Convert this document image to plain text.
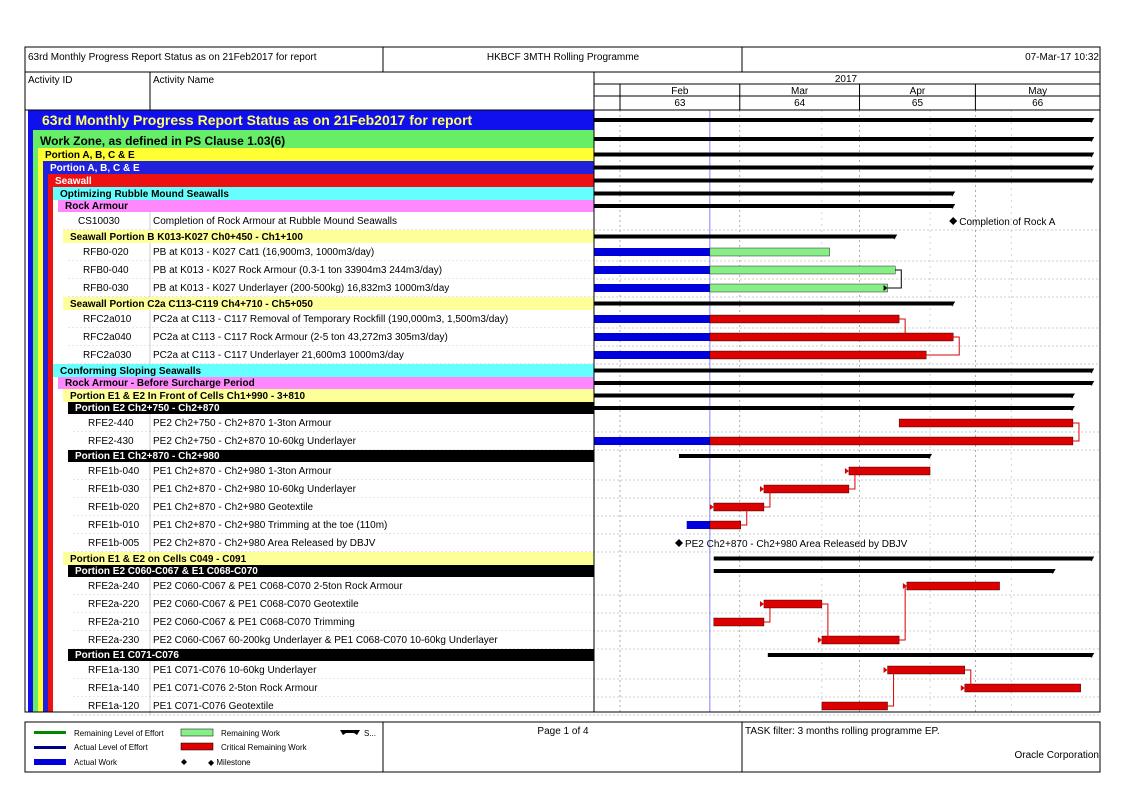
63rd Monthly Progress Report Status as on 21Feb2017 for report	HKBCF 3MTH Rolling Programme	07-Mar-17 10:32
Activity ID	Activity Name	2017
Feb
63
Mar
64
Apr
65
May
66
63rd Monthly Progress Report Status as on 21Feb2017 for report
Work Zone, as defined in PS Clause 1.03(6)
Portion A, B, C & E
Portion A, B, C & E
Seawall
Optimizing Rubble Mound Seawalls
Rock Armour
CS10030	Completion of Rock Armour at Rubble Mound Seawalls
Seawall Portion B K013-K027 Ch0+450 - Ch1+100
RFB0-020 PB at K013 - K027 Cat1 (16,900m3, 1000m3/day)
RFB0-040 PB at K013 - K027 Rock Armour (0.3-1 ton 33904m3 244m3/day)
RFB0-030 PB at K013 - K027 Underlayer (200-500kg) 16,832m3 1000m3/day
Seawall Portion C2a C113-C119 Ch4+710 - Ch5+050
RFC2a010 PC2a at C113 - C117 Removal of Temporary Rockfill (190,000m3, 1,500m3/day)
RFC2a040 PC2a at C113 - C117 Rock Armour (2-5 ton 43,272m3 305m3/day)
RFC2a030 PC2a at C113 - C117 Underlayer 21,600m3 1000m3/day
Conforming Sloping Seawalls
Rock Armour - Before Surcharge Period
Portion E1 & E2 In Front of Cells Ch1+990 - 3+810
Portion E2 Ch2+750 - Ch2+870
RFE2-440 PE2 Ch2+750 - Ch2+870 1-3ton Armour
RFE2-430 PE2 Ch2+750 - Ch2+870 10-60kg Underlayer
Portion E1 Ch2+870 - Ch2+980
RFE1b-040 PE1 Ch2+870 - Ch2+980 1-3ton Armour
RFE1b-030 PE1 Ch2+870 - Ch2+980 10-60kg Underlayer
RFE1b-020 PE1 Ch2+870 - Ch2+980 Geotextile
RFE1b-010 PE1 Ch2+870 - Ch2+980 Trimming at the toe (110m)
RFE1b-005 PE2 Ch2+870 - Ch2+980 Area Released by DBJV
Portion E1 & E2 on Cells C049 - C091
Portion E2 C060-C067 & E1 C068-C070
RFE2a-240 PE2 C060-C067 & PE1 C068-C070 2-5ton Rock Armour
RFE2a-220 PE2 C060-C067 & PE1 C068-C070 Geotextile
RFE2a-210 PE2 C060-C067 & PE1 C068-C070 Trimming
RFE2a-230 PE2 C060-C067 60-200kg Underlayer & PE1 C068-C070 10-60kg Underlayer
Portion E1 C071-C076
RFE1a-130 PE1 C071-C076 10-60kg Underlayer
RFE1a-140 PE1 C071-C076 2-5ton Rock Armour
RFE1a-120 PE1 C071-C076 Geotextile
Completion of Rock A
PE2 Ch2+870 - Ch2+980 Area Released by DBJV
Remaining Level of Effort
Actual Level of Effort
Actual Work
Remaining Work
Critical Remaining Work
◆ Milestone
S...	Page 1 of 4	TASK filter: 3 months rolling programme EP.
Oracle Corporation
